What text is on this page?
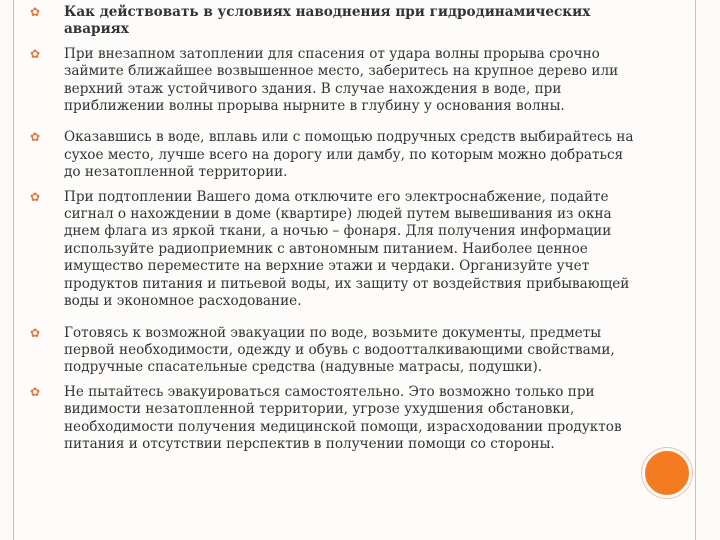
✿ Как действовать в условиях наводнения при гидродинамических авариях
✿ При внезапном затоплении для спасения от удара волны прорыва срочно займите ближайшее возвышенное место, заберитесь на крупное дерево или верхний этаж устойчивого здания. В случае нахождения в воде, при приближении волны прорыва нырните в глубину у основания волны.
✿ Оказавшись в воде, вплавь или с помощью подручных средств выбирайтесь на сухое место, лучше всего на дорогу или дамбу, по которым можно добраться до незатопленной территории.
✿ При подтоплении Вашего дома отключите его электроснабжение, подайте сигнал о нахождении в доме (квартире) людей путем вывешивания из окна днем флага из яркой ткани, а ночью – фонаря. Для получения информации используйте радиоприемник с автономным питанием. Наиболее ценное имущество переместите на верхние этажи и чердаки. Организуйте учет продуктов питания и питьевой воды, их защиту от воздействия прибывающей воды и экономное расходование.
✿ Готовясь к возможной эвакуации по воде, возьмите документы, предметы первой необходимости, одежду и обувь с водоотталкивающими свойствами, подручные спасательные средства (надувные матрасы, подушки).
✿ Не пытайтесь эвакуироваться самостоятельно. Это возможно только при видимости незатопленной территории, угрозе ухудшения обстановки, необходимости получения медицинской помощи, израсходовании продуктов питания и отсутствии перспектив в получении помощи со стороны.
